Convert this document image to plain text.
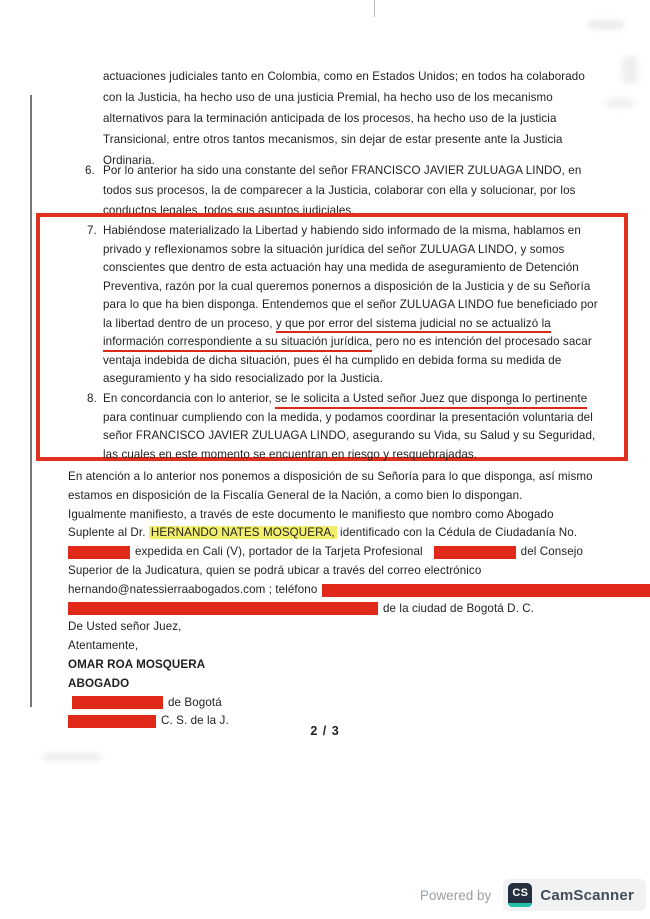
actuaciones judiciales tanto en Colombia, como en Estados Unidos; en todos ha colaborado
con la Justicia, ha hecho uso de una justicia Premial, ha hecho uso de los mecanismo
alternativos para la terminación anticipada de los procesos, ha hecho uso de la justicia
Transicional, entre otros tantos mecanismos, sin dejar de estar presente ante la Justicia
Ordinaria.
6. Por lo anterior ha sido una constante del señor FRANCISCO JAVIER ZULUAGA LINDO, en
todos sus procesos, la de comparecer a la Justicia, colaborar con ella y solucionar, por los
conductos legales, todos sus asuntos judiciales.
7. Habiéndose materializado la Libertad y habiendo sido informado de la misma, hablamos en
privado y reflexionamos sobre la situación jurídica del señor ZULUAGA LINDO, y somos
conscientes que dentro de esta actuación hay una medida de aseguramiento de Detención
Preventiva, razón por la cual queremos ponernos a disposición de la Justicia y de su Señoría
para lo que ha bien disponga. Entendemos que el señor ZULUAGA LINDO fue beneficiado por
la libertad dentro de un proceso, y que por error del sistema judicial no se actualizó la
información correspondiente a su situación jurídica, pero no es intención del procesado sacar
ventaja indebida de dicha situación, pues él ha cumplido en debida forma su medida de
aseguramiento y ha sido resocializado por la Justicia.
8. En concordancia con lo anterior, se le solicita a Usted señor Juez que disponga lo pertinente
para continuar cumpliendo con la medida, y podamos coordinar la presentación voluntaria del
señor FRANCISCO JAVIER ZULUAGA LINDO, asegurando su Vida, su Salud y su Seguridad,
las cuales en este momento se encuentran en riesgo y resquebrajadas.
En atención a lo anterior nos ponemos a disposición de su Señoría para lo que disponga, así mismo
estamos en disposición de la Fiscalía General de la Nación, a como bien lo dispongan.
Igualmente manifiesto, a través de este documento le manifiesto que nombro como Abogado
Suplente al Dr. HERNANDO NATES MOSQUERA, identificado con la Cédula de Ciudadanía No.
expedida en Cali (V), portador de la Tarjeta Profesional	del Consejo
Superior de la Judicatura, quien se podrá ubicar a través del correo electrónico
hernando@natessierraabogados.com ; teléfono
de la ciudad de Bogotá D. C.
De Usted señor Juez,
Atentamente,
OMAR ROA MOSQUERA
ABOGADO
de Bogotá
C. S. de la J.
2 / 3
Powered by CS CamScanner
